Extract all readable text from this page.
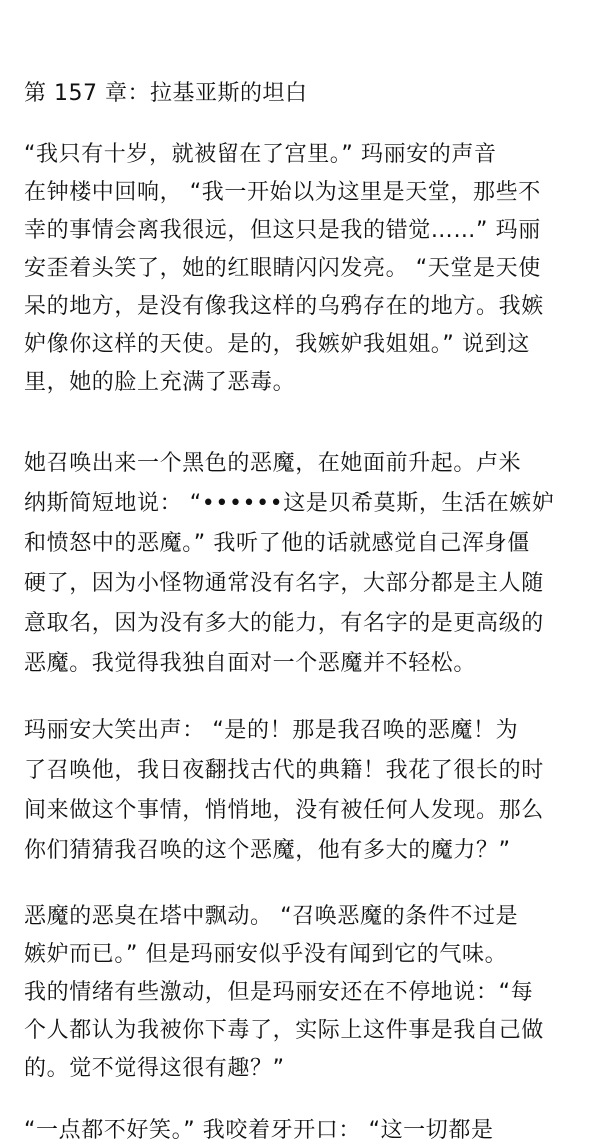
第 157 章：拉基亚斯的坦白
“我只有十岁，就被留在了宫里。” 玛丽安的声音
在钟楼中回响， “我一开始以为这里是天堂，那些不
幸的事情会离我很远，但这只是我的错觉……” 玛丽
安歪着头笑了，她的红眼睛闪闪发亮。 “天堂是天使
呆的地方，是没有像我这样的乌鸦存在的地方。我嫉
妒像你这样的天使。是的，我嫉妒我姐姐。” 说到这
里，她的脸上充满了恶毒。
她召唤出来一个黑色的恶魔，在她面前升起。卢米
纳斯简短地说： “••••••这是贝希莫斯，生活在嫉妒
和愤怒中的恶魔。” 我听了他的话就感觉自己浑身僵
硬了，因为小怪物通常没有名字，大部分都是主人随
意取名，因为没有多大的能力，有名字的是更高级的
恶魔。我觉得我独自面对一个恶魔并不轻松。
玛丽安大笑出声： “是的！那是我召唤的恶魔！为
了召唤他，我日夜翻找古代的典籍！我花了很长的时
间来做这个事情，悄悄地，没有被任何人发现。那么
你们猜猜我召唤的这个恶魔，他有多大的魔力？”
恶魔的恶臭在塔中飘动。 “召唤恶魔的条件不过是
嫉妒而已。” 但是玛丽安似乎没有闻到它的气味。
我的情绪有些激动，但是玛丽安还在不停地说：“每
个人都认为我被你下毒了，实际上这件事是我自己做
的。觉不觉得这很有趣？”
“一点都不好笑。” 我咬着牙开口： “这一切都是
